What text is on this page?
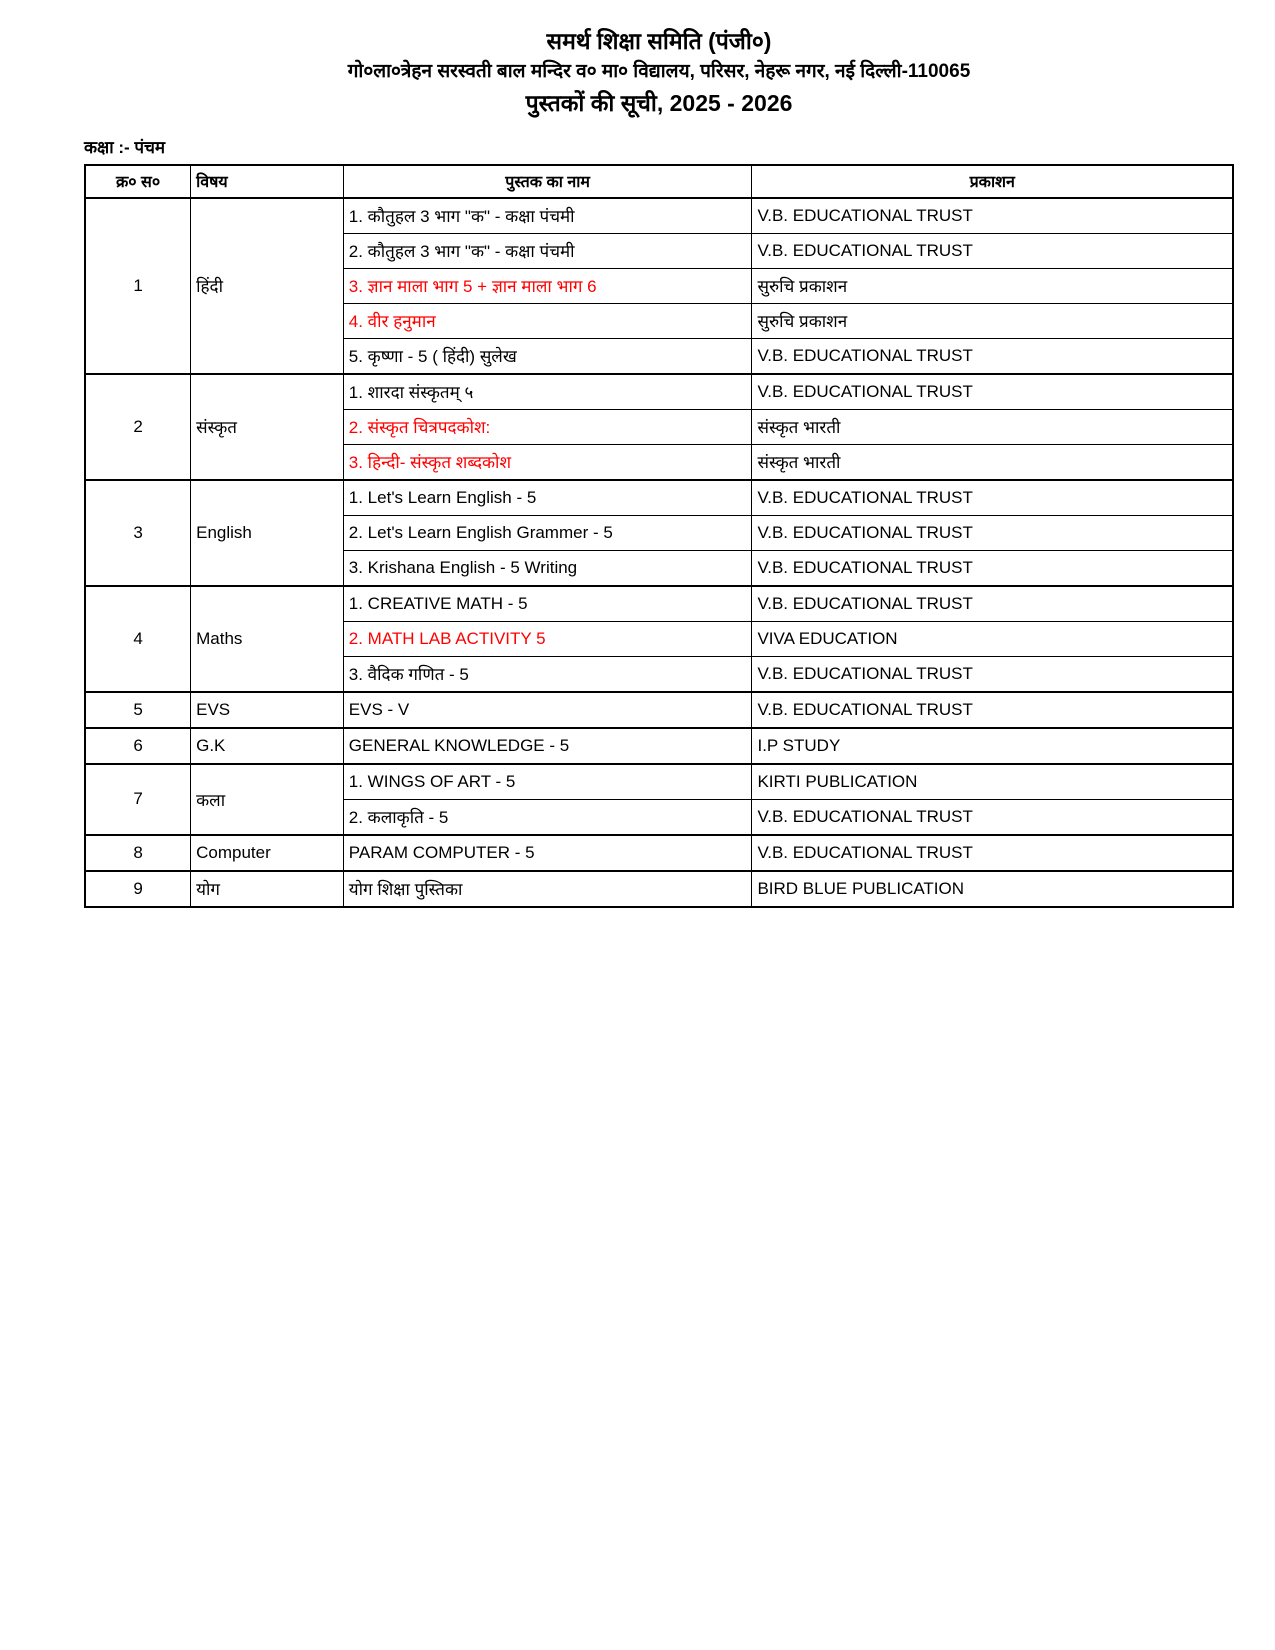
समर्थ शिक्षा समिति (पंजी०)
गो०ला०त्रेहन सरस्वती बाल मन्दिर व० मा० विद्यालय, परिसर, नेहरू नगर, नई दिल्ली-110065
पुस्तकों की सूची, 2025 - 2026
कक्षा :- पंचम
क्र० स०	विषय	पुस्तक का नाम	प्रकाशन
1	हिंदी	1. कौतुहल 3 भाग "क" - कक्षा पंचमी	V.B. EDUCATIONAL TRUST
		2. कौतुहल 3 भाग "क" - कक्षा पंचमी	V.B. EDUCATIONAL TRUST
		3. ज्ञान माला भाग 5 + ज्ञान माला भाग 6	सुरुचि प्रकाशन
		4. वीर हनुमान	सुरुचि प्रकाशन
		5. कृष्णा - 5 ( हिंदी) सुलेख	V.B. EDUCATIONAL TRUST
2	संस्कृत	1. शारदा संस्कृतम् ५	V.B. EDUCATIONAL TRUST
		2. संस्कृत चित्रपदकोश:	संस्कृत भारती
		3. हिन्दी- संस्कृत शब्दकोश	संस्कृत भारती
3	English	1. Let's Learn English - 5	V.B. EDUCATIONAL TRUST
		2. Let's Learn English Grammer - 5	V.B. EDUCATIONAL TRUST
		3. Krishana English - 5 Writing	V.B. EDUCATIONAL TRUST
4	Maths	1. CREATIVE MATH - 5	V.B. EDUCATIONAL TRUST
		2. MATH LAB ACTIVITY 5	VIVA EDUCATION
		3. वैदिक गणित - 5	V.B. EDUCATIONAL TRUST
5	EVS	EVS - V	V.B. EDUCATIONAL TRUST
6	G.K	GENERAL KNOWLEDGE - 5	I.P STUDY
7	कला	1. WINGS OF ART - 5	KIRTI PUBLICATION
		2. कलाकृति - 5	V.B. EDUCATIONAL TRUST
8	Computer	PARAM COMPUTER - 5	V.B. EDUCATIONAL TRUST
9	योग	योग शिक्षा पुस्तिका	BIRD BLUE PUBLICATION
